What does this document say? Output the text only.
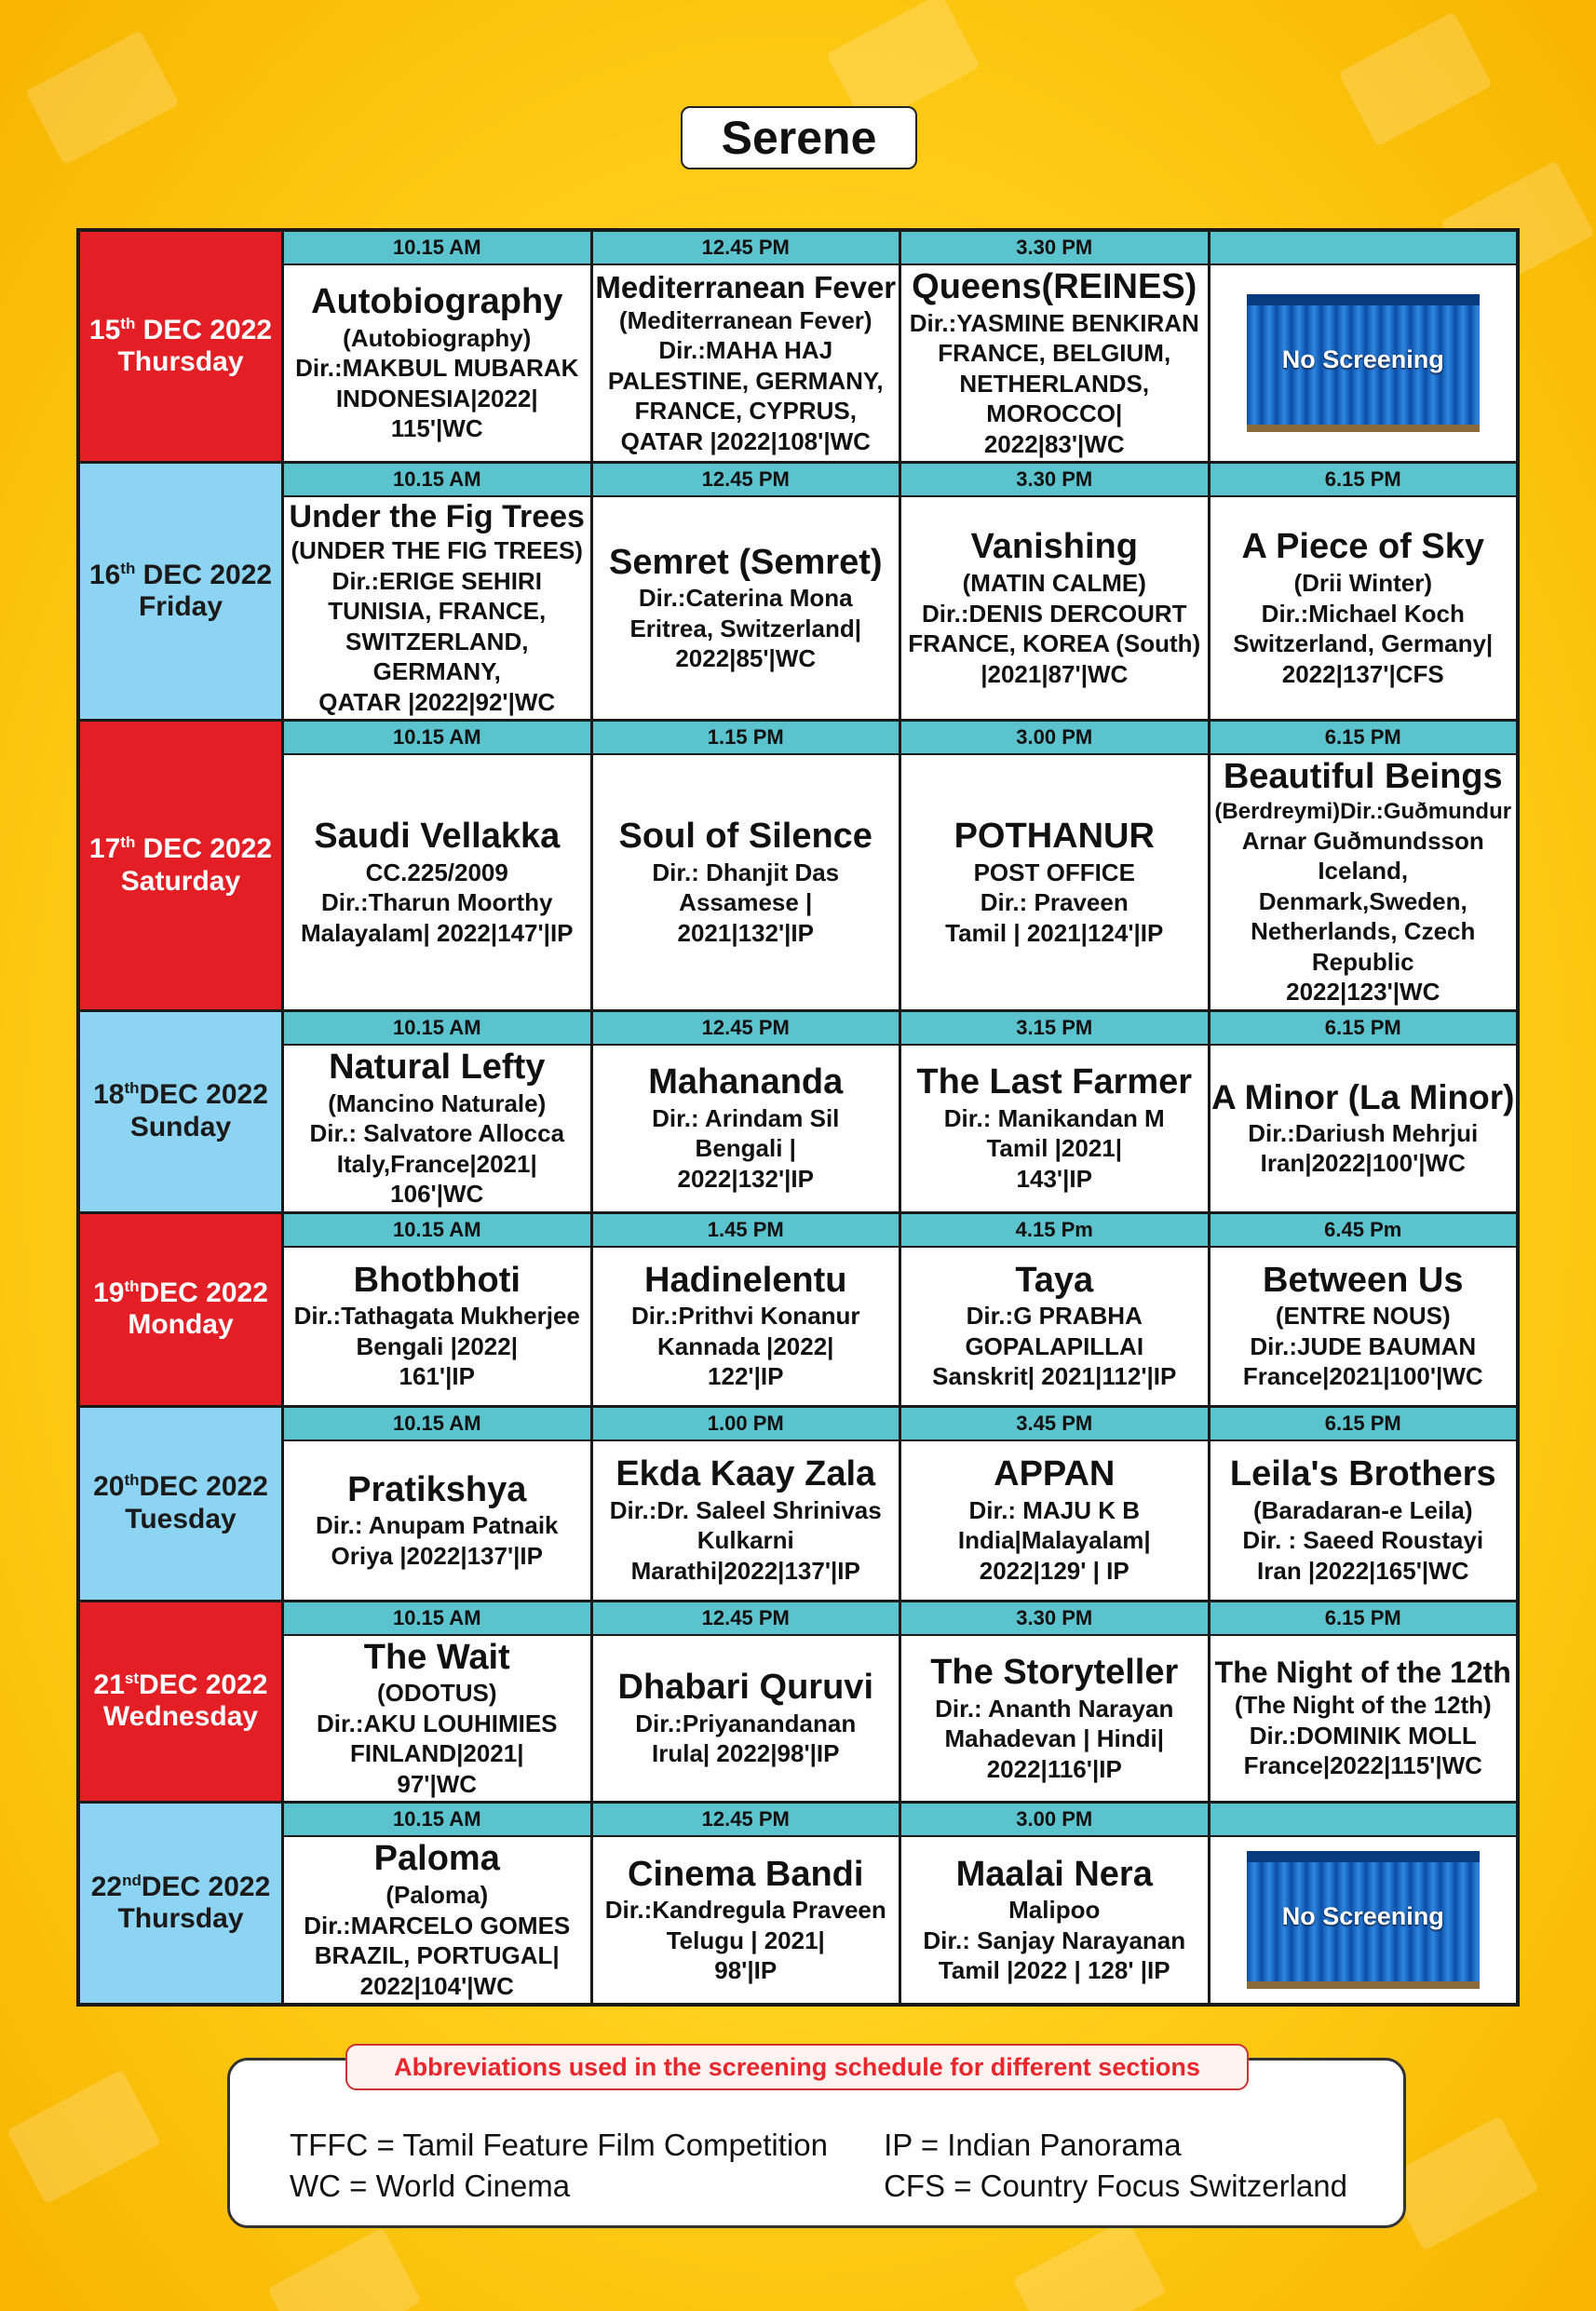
Serene
15th DEC 2022
Thursday
10.15 AM
Autobiography
(Autobiography)
Dir.:MAKBUL MUBARAK
INDONESIA|2022|
115'|WC
12.45 PM
Mediterranean Fever
(Mediterranean Fever)
Dir.:MAHA HAJ
PALESTINE, GERMANY,
FRANCE, CYPRUS,
QATAR |2022|108'|WC
3.30 PM
Queens(REINES)
Dir.:YASMINE BENKIRAN
FRANCE, BELGIUM,
NETHERLANDS, MOROCCO|
2022|83'|WC
No Screening
16th DEC 2022
Friday
10.15 AM
Under the Fig Trees
(UNDER THE FIG TREES)
Dir.:ERIGE SEHIRI
TUNISIA, FRANCE,
SWITZERLAND, GERMANY,
QATAR |2022|92'|WC
12.45 PM
Semret (Semret)
Dir.:Caterina Mona
Eritrea, Switzerland|
2022|85'|WC
3.30 PM
Vanishing
(MATIN CALME)
Dir.:DENIS DERCOURT
FRANCE, KOREA (South)
|2021|87'|WC
6.15 PM
A Piece of Sky
(Drii Winter)
Dir.:Michael Koch
Switzerland, Germany|
2022|137'|CFS
17th DEC 2022
Saturday
10.15 AM
Saudi Vellakka
CC.225/2009
Dir.:Tharun Moorthy
Malayalam| 2022|147'|IP
1.15 PM
Soul of Silence
Dir.: Dhanjit Das
Assamese |
2021|132'|IP
3.00 PM
POTHANUR
POST OFFICE
Dir.: Praveen
Tamil | 2021|124'|IP
6.15 PM
Beautiful Beings
(Berdreymi)Dir.:Guðmundur
Arnar Guðmundsson
Iceland, Denmark,Sweden,
Netherlands, Czech Republic
2022|123'|WC
18thDEC 2022
Sunday
10.15 AM
Natural Lefty
(Mancino Naturale)
Dir.: Salvatore Allocca
Italy,France|2021|
106'|WC
12.45 PM
Mahananda
Dir.: Arindam Sil
Bengali |
2022|132'|IP
3.15 PM
The Last Farmer
Dir.: Manikandan M
Tamil |2021|
143'|IP
6.15 PM
A Minor (La Minor)
Dir.:Dariush Mehrjui
Iran|2022|100'|WC
19thDEC 2022
Monday
10.15 AM
Bhotbhoti
Dir.:Tathagata Mukherjee
Bengali |2022|
161'|IP
1.45 PM
Hadinelentu
Dir.:Prithvi Konanur
Kannada |2022|
122'|IP
4.15 Pm
Taya
Dir.:G PRABHA
GOPALAPILLAI
Sanskrit| 2021|112'|IP
6.45 Pm
Between Us
(ENTRE NOUS)
Dir.:JUDE BAUMAN
France|2021|100'|WC
20thDEC 2022
Tuesday
10.15 AM
Pratikshya
Dir.: Anupam Patnaik
Oriya |2022|137'|IP
1.00 PM
Ekda Kaay Zala
Dir.:Dr. Saleel Shrinivas
Kulkarni
Marathi|2022|137'|IP
3.45 PM
APPAN
Dir.: MAJU K B
India|Malayalam|
2022|129' | IP
6.15 PM
Leila's Brothers
(Baradaran-e Leila)
Dir. : Saeed Roustayi
Iran |2022|165'|WC
21stDEC 2022
Wednesday
10.15 AM
The Wait
(ODOTUS)
Dir.:AKU LOUHIMIES
FINLAND|2021|
97'|WC
12.45 PM
Dhabari Quruvi
Dir.:Priyanandanan
Irula| 2022|98'|IP
3.30 PM
The Storyteller
Dir.: Ananth Narayan
Mahadevan | Hindi|
2022|116'|IP
6.15 PM
The Night of the 12th
(The Night of the 12th)
Dir.:DOMINIK MOLL
France|2022|115'|WC
22ndDEC 2022
Thursday
10.15 AM
Paloma
(Paloma)
Dir.:MARCELO GOMES
BRAZIL, PORTUGAL|
2022|104'|WC
12.45 PM
Cinema Bandi
Dir.:Kandregula Praveen
Telugu | 2021|
98'|IP
3.00 PM
Maalai Nera
Malipoo
Dir.: Sanjay Narayanan
Tamil |2022 | 128' |IP
No Screening
Abbreviations used in the screening schedule for different sections
TFFC = Tamil Feature Film Competition	IP = Indian Panorama
WC = World Cinema	CFS = Country Focus Switzerland
